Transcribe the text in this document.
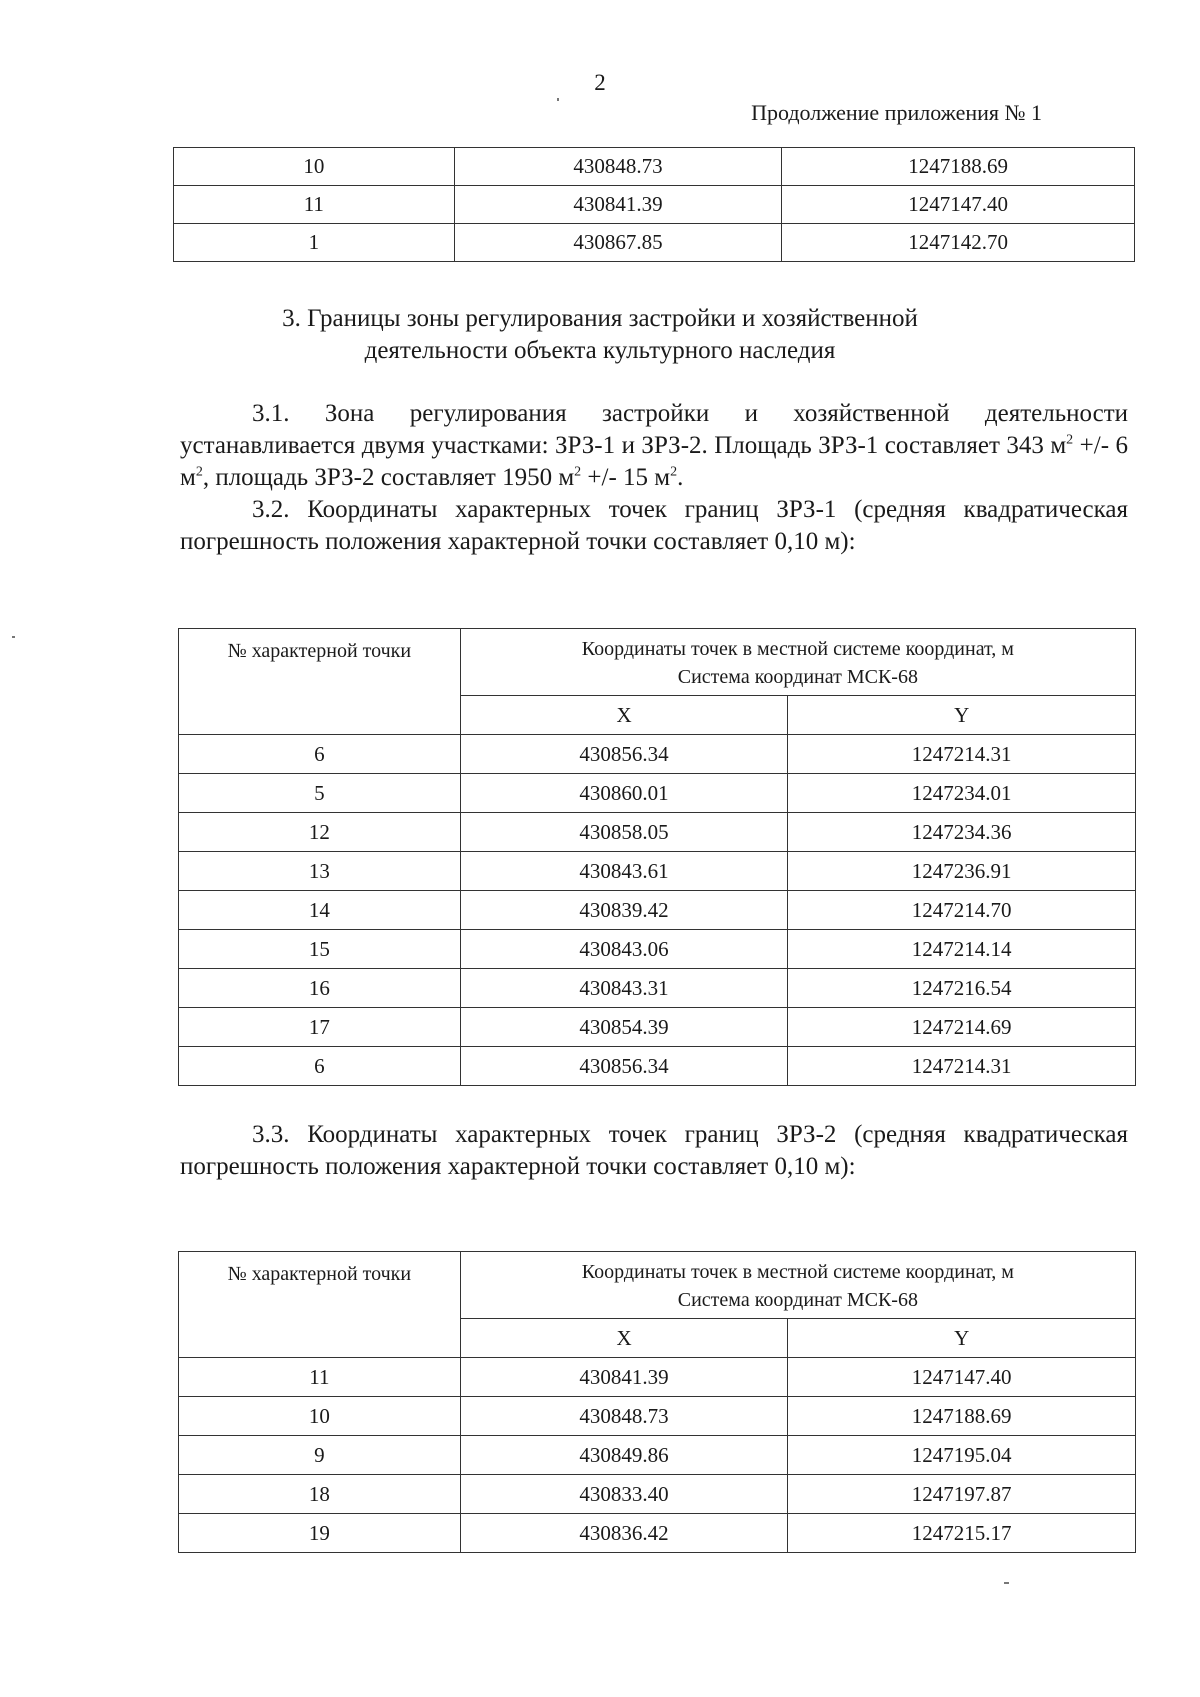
2
Продолжение приложения № 1
10	430848.73	1247188.69
11	430841.39	1247147.40
1	430867.85	1247142.70
3. Границы зоны регулирования застройки и хозяйственной
деятельности объекта культурного наследия

3.1. Зона регулирования застройки и хозяйственной деятельности устанавливается двумя участками: ЗРЗ-1 и ЗРЗ-2. Площадь ЗРЗ-1 составляет 343 $м^2$ +/- 6 $м^2$, площадь ЗРЗ-2 составляет 1950 $м^2$ +/- 15 $м^2$.

3.2. Координаты характерных точек границ ЗРЗ-1 (средняя квадратическая погрешность положения характерной точки составляет 0,10 м):

№ характерной точки	Координаты точек в местной системе координат, м
Система координат МСК-68	

	X	Y
6	430856.34	1247214.31
5	430860.01	1247234.01
12	430858.05	1247234.36
13	430843.61	1247236.91
14	430839.42	1247214.70
15	430843.06	1247214.14
16	430843.31	1247216.54
17	430854.39	1247214.69
6	430856.34	1247214.31

3.3. Координаты характерных точек границ ЗРЗ-2 (средняя квадратическая погрешность положения характерной точки составляет 0,10 м):

№ характерной точки	Координаты точек в местной системе координат, м
Система координат МСК-68	

	X	Y
11	430841.39	1247147.40
10	430848.73	1247188.69
9	430849.86	1247195.04
18	430833.40	1247197.87
19	430836.42	1247215.17
